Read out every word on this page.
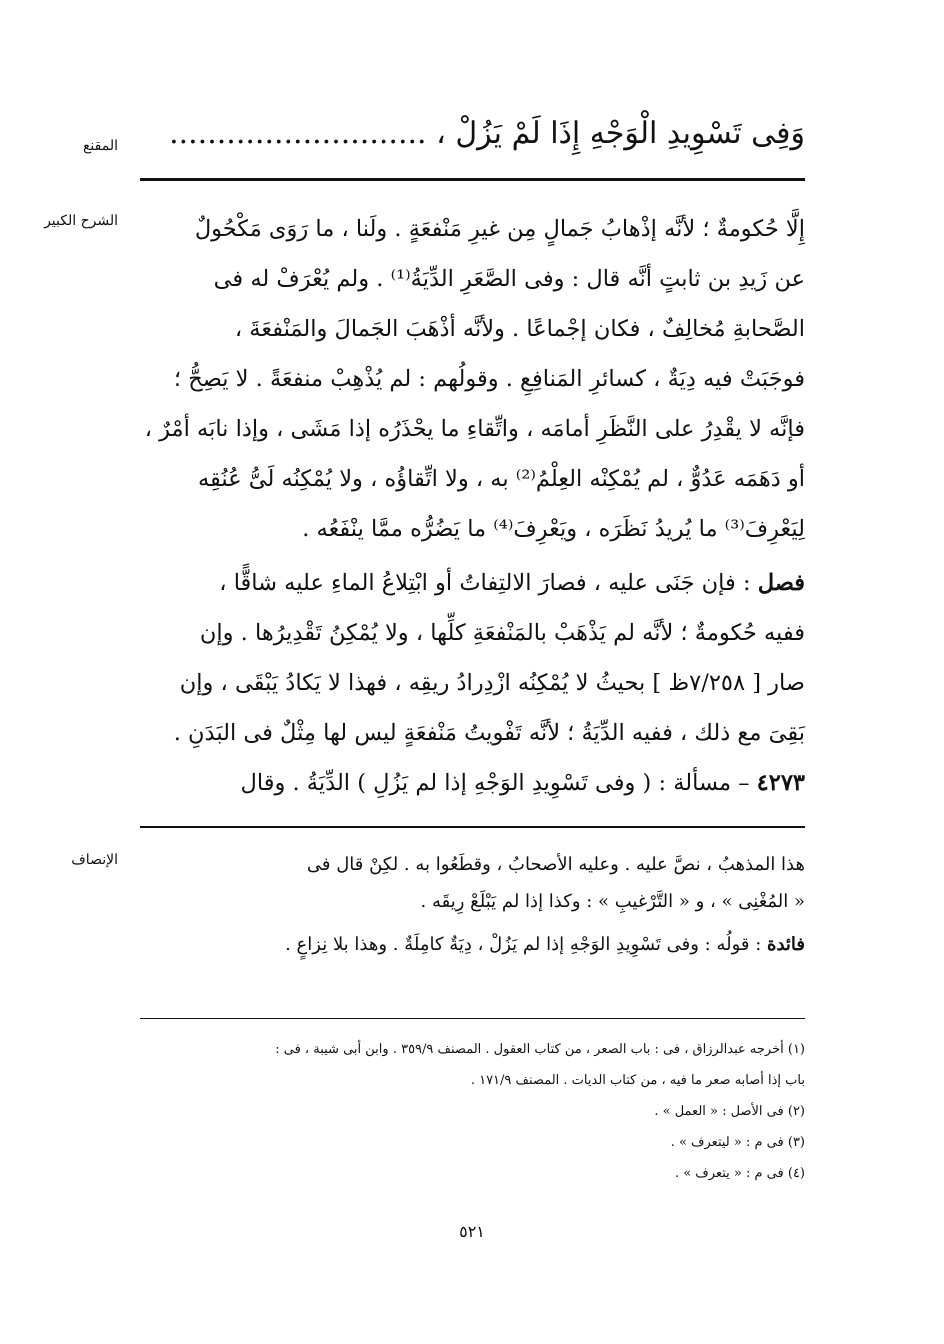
وَفِى تَسْوِيدِ الْوَجْهِ إِذَا لَمْ يَزُلْ ، ...........................
المقنع
الشرح الكبير	إِلَّا حُكومةٌ ؛ لأنَّه إذْهابُ جَمالٍ مِن غيرِ مَنْفعَةٍ . ولَنا ، ما رَوَى مَكْحُولٌ

عن زَيدِ بن ثابتٍ أنَّه قال : وفى الصَّعَرِ الدِّيَةُ⁽¹⁾ . ولم يُعْرَفْ له فى

الصَّحابةِ مُخالِفٌ ، فكان إجْماعًا . ولأنَّه أذْهَبَ الجَمالَ والمَنْفعَةَ ،

فوجَبَتْ فيه دِيَةٌ ، كسائرِ المَنافِعِ . وقولُهم : لم يُذْهِبْ منفعَةً . لا يَصِحُّ ؛

فإنَّه لا يقْدِرُ على النَّظَرِ أمامَه ، واتِّقاءِ ما يحْذَرُه إذا مَشَى ، وإذا نابَه أمْرٌ ،

أو دَهَمَه عَدُوٌّ ، لم يُمْكِنْه العِلْمُ⁽²⁾ به ، ولا اتِّقاؤُه ، ولا يُمْكِنُه لَىُّ عُنُقِه

لِيَعْرِفَ⁽³⁾ ما يُريدُ نَظَرَه ، ويَعْرِفَ⁽⁴⁾ ما يَضُرُّه ممَّا ينْفَعُه .

فصل : فإن جَنَى عليه ، فصارَ الالتِفاتُ أو ابْتِلاعُ الماءِ عليه شاقًّا ،

ففيه حُكومةٌ ؛ لأنَّه لم يَذْهَبْ بالمَنْفعَةِ كلِّها ، ولا يُمْكِنُ تَقْدِيرُها . وإن

صار [ ٧/٢٥٨ظ ] بحيثُ لا يُمْكِنُه ازْدِرادُ ريقِه ، فهذا لا يَكادُ يَبْقَى ، وإن

بَقِىَ مع ذلك ، ففيه الدِّيَةُ ؛ لأنَّه تَفْويتُ مَنْفعَةٍ ليس لها مِثْلٌ فى البَدَنِ .

٤٢٧٣ – مسألة : ( وفى تَسْوِيدِ الوَجْهِ إذا لم يَزُلِ ) الدِّيَةُ . وقال

الإنصاف	هذا المذهبُ ، نصَّ عليه . وعليه الأصحابُ ، وقطَعُوا به . لكِنْ قال فى

« المُغْنِى » ، و « التَّرْغيبِ » : وكذا إذا لم يَبْلَعْ رِيقَه .

فائدة : قولُه : وفى تَسْوِيدِ الوَجْهِ إذا لم يَزُلْ ، دِيَةٌ كامِلَةٌ . وهذا بلا نِزاعٍ .

(١) أخرجه عبدالرزاق ، فى : باب الصعر ، من كتاب العقول . المصنف ٣٥٩/٩ . وابن أبى شيبة ، فى :

باب إذا أصابه صعر ما فيه ، من كتاب الديات . المصنف ١٧١/٩ .

(٢) فى الأصل : « العمل » .

(٣) فى م : « ليتعرف » .

(٤) فى م : « يتعرف » .

٥٢١
